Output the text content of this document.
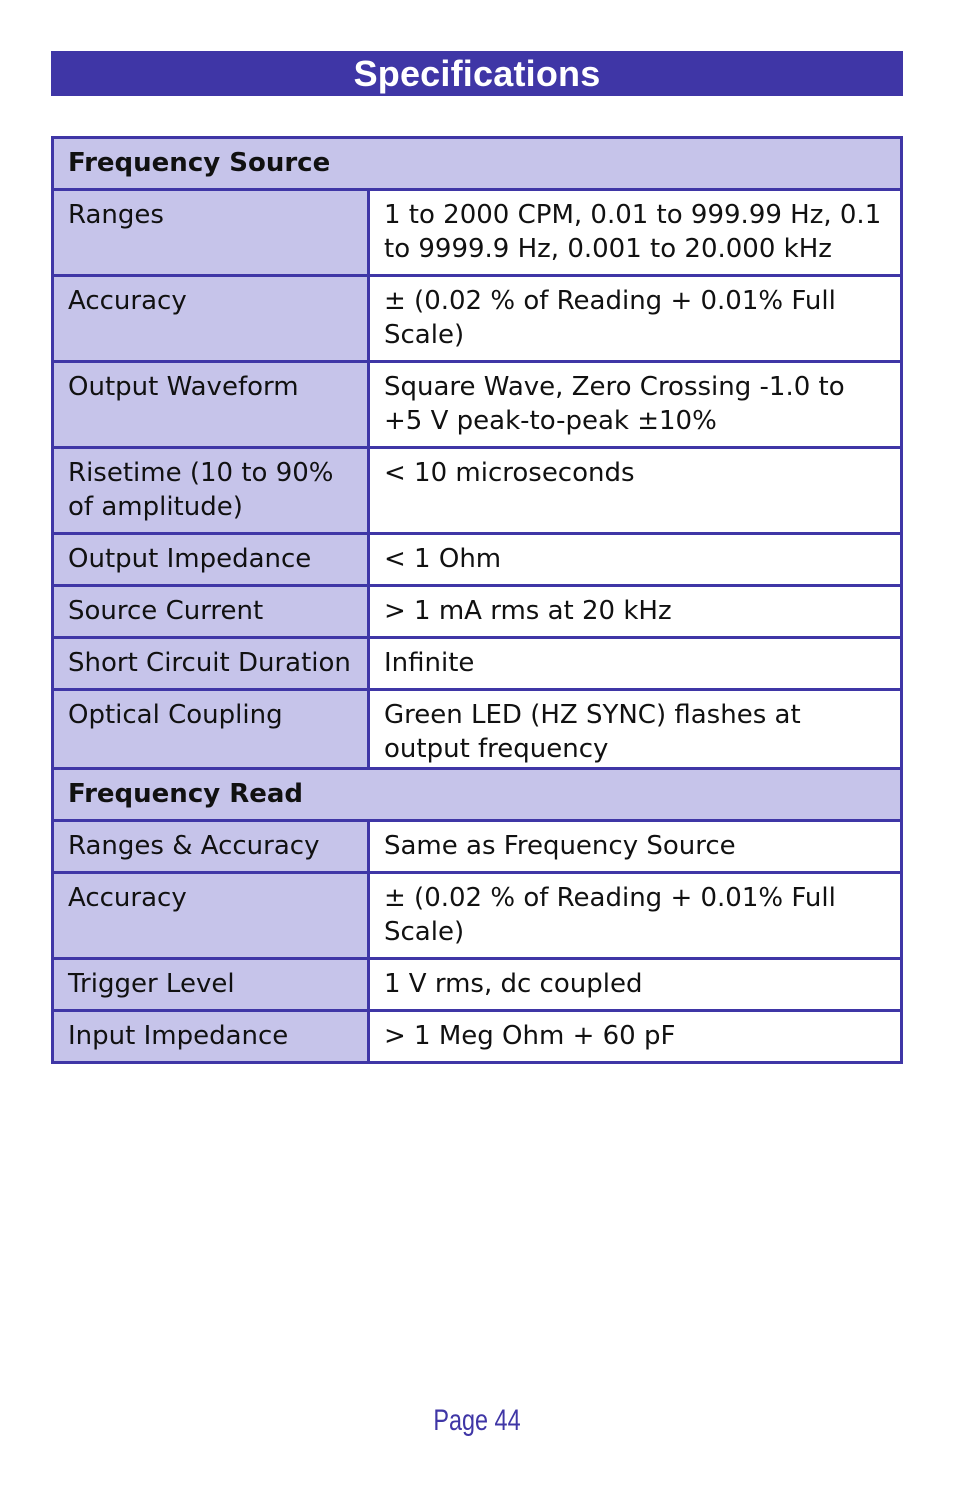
Specifications
Frequency Source	
Ranges	1 to 2000 CPM, 0.01 to 999.99 Hz, 0.1 to 9999.9 Hz, 0.001 to 20.000 kHz
Accuracy	± (0.02 % of Reading + 0.01% Full Scale)
Output Waveform	Square Wave, Zero Crossing -1.0 to +5 V peak-to-peak ±10%
Risetime (10 to 90% of amplitude)	< 10 microseconds
Output Impedance	< 1 Ohm
Source Current	> 1 mA rms at 20 kHz
Short Circuit Duration	Infinite
Optical Coupling	Green LED (HZ SYNC) flashes at output frequency
Frequency Read	
Ranges & Accuracy	Same as Frequency Source
Accuracy	± (0.02 % of Reading + 0.01% Full Scale)
Trigger Level	1 V rms, dc coupled
Input Impedance	> 1 Meg Ohm + 60 pF
Page 44
